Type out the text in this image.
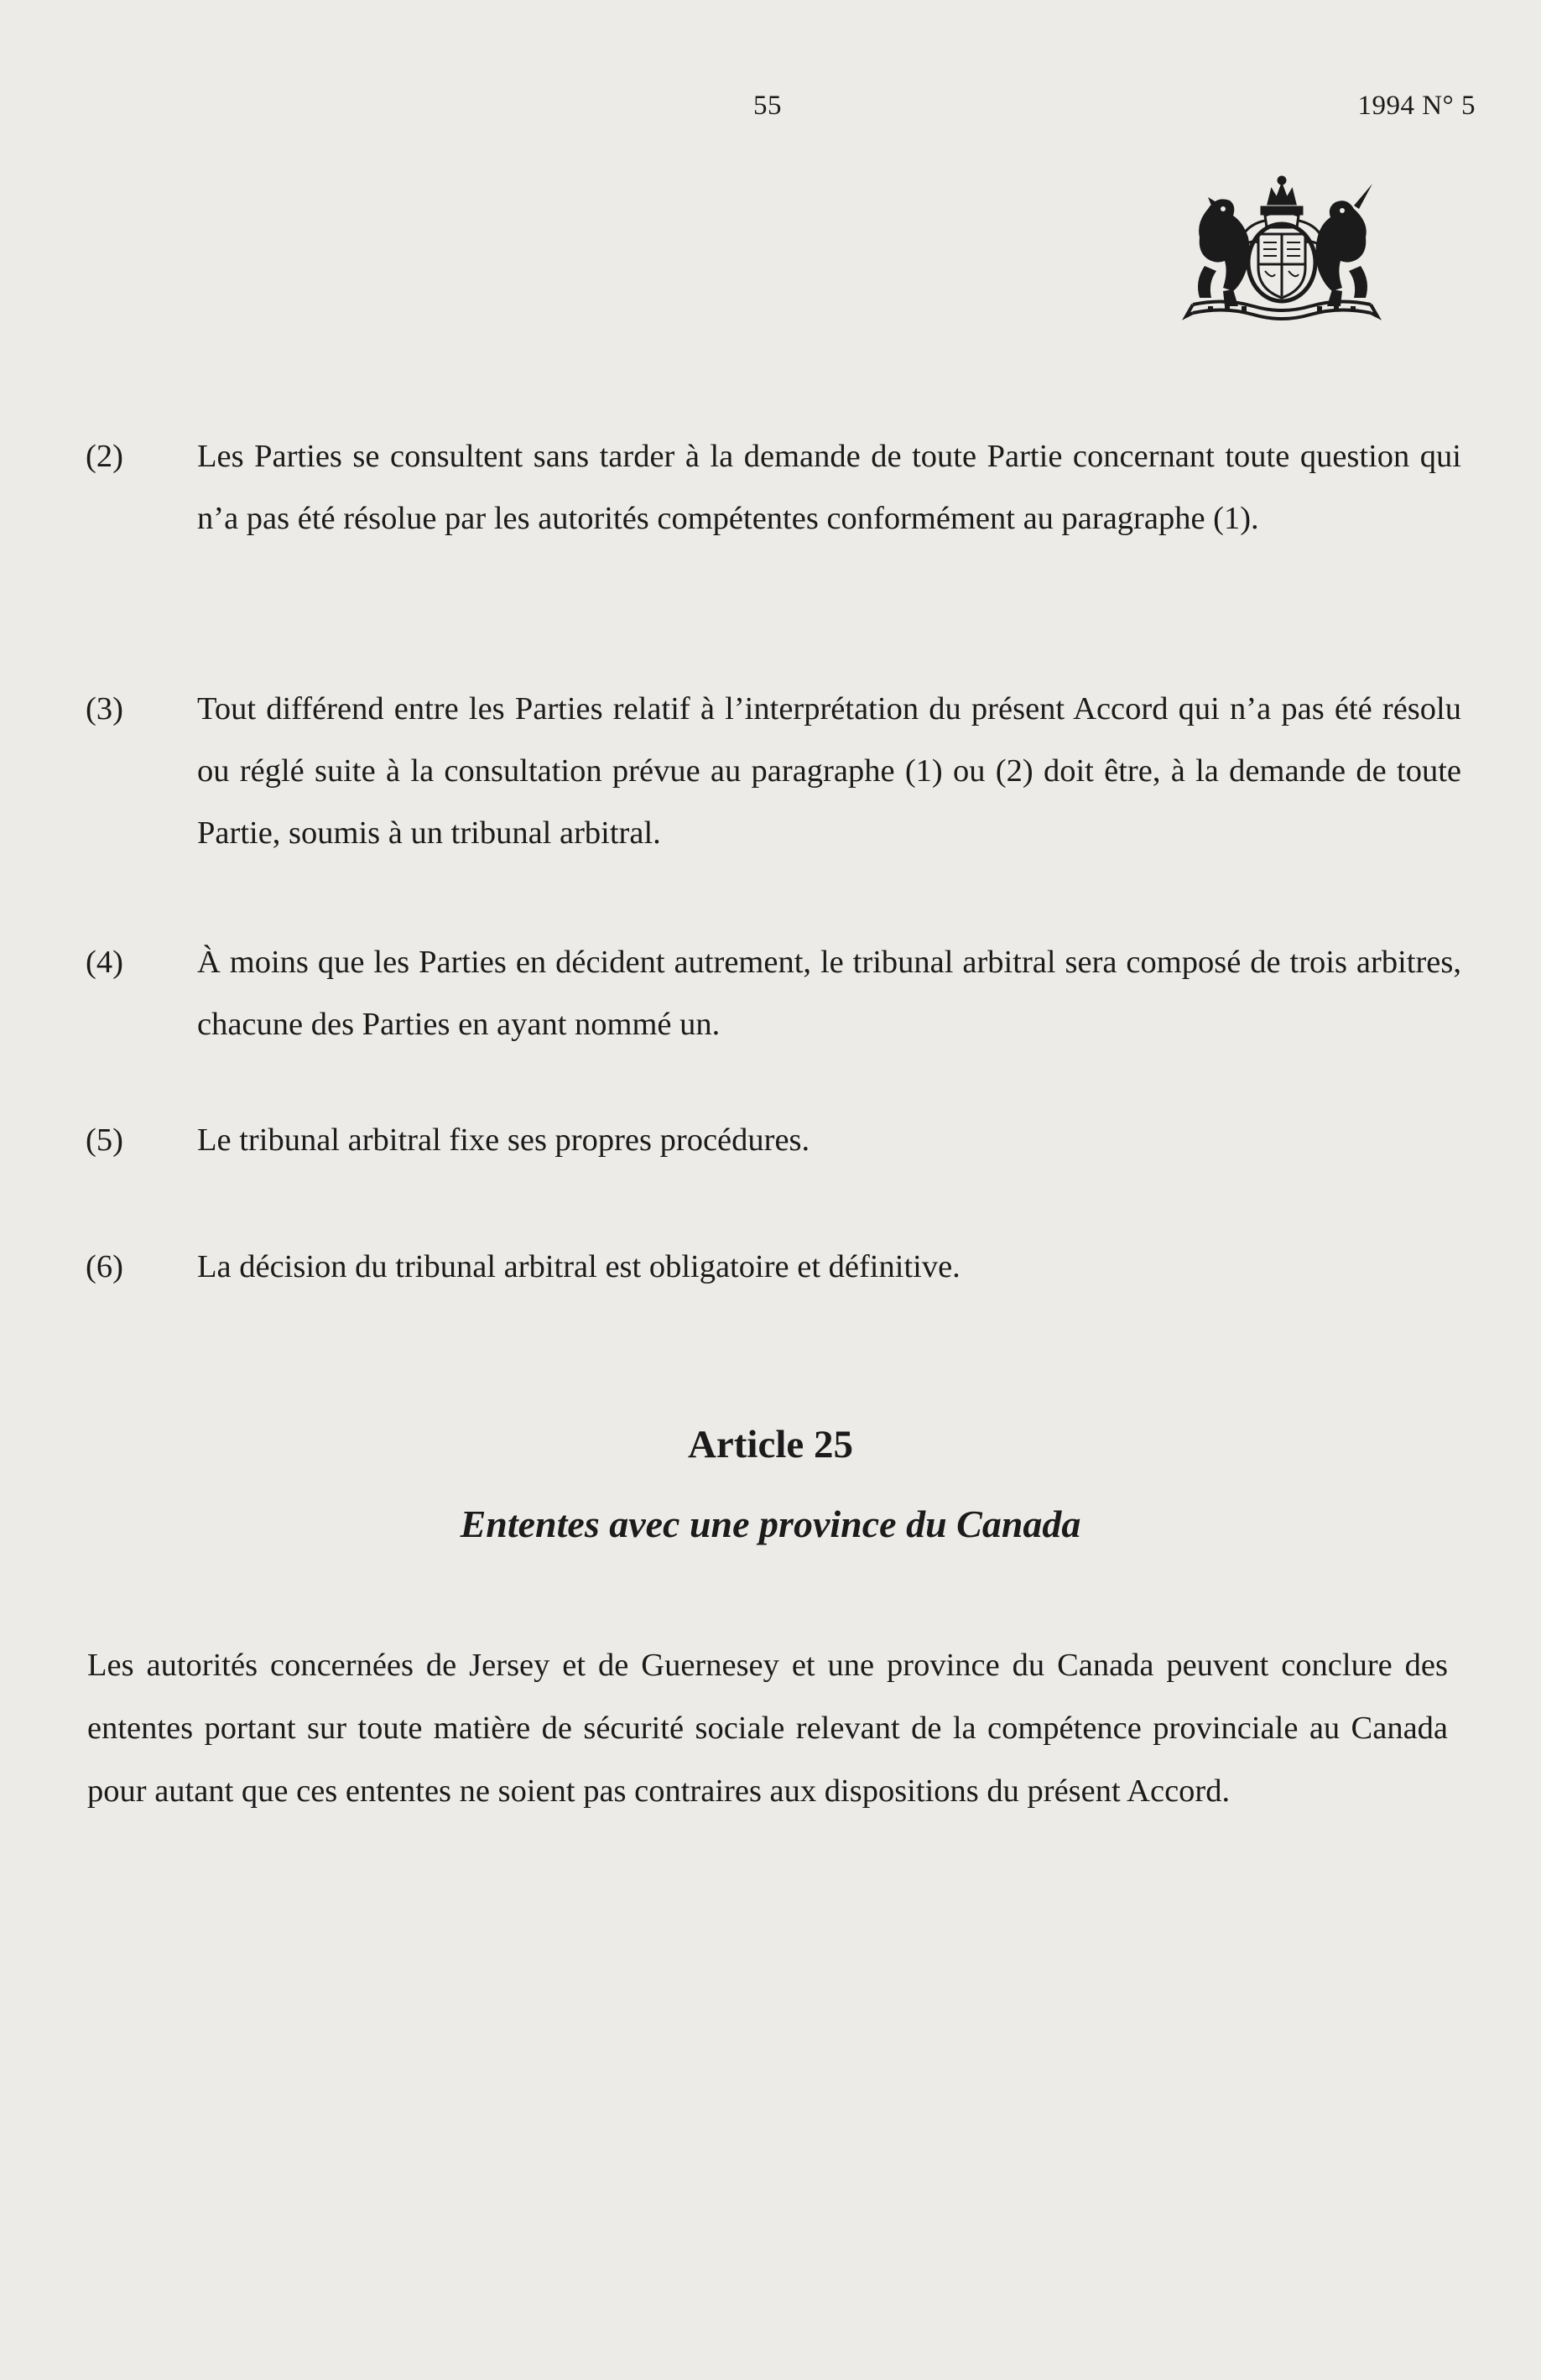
55	1994 N° 5
(2)	Les Parties se consultent sans tarder à la demande de toute Partie concernant toute question qui n’a pas été résolue par les autorités compétentes conformément au paragraphe (1).
(3)	Tout différend entre les Parties relatif à l’interprétation du présent Accord qui n’a pas été résolu ou réglé suite à la consultation prévue au paragraphe (1) ou (2) doit être, à la demande de toute Partie, soumis à un tribunal arbitral.
(4)	À moins que les Parties en décident autrement, le tribunal arbitral sera composé de trois arbitres, chacune des Parties en ayant nommé un.
(5)	Le tribunal arbitral fixe ses propres procédures.
(6)	La décision du tribunal arbitral est obligatoire et définitive.
Article 25
Ententes avec une province du Canada
Les autorités concernées de Jersey et de Guernesey et une province du Canada peuvent conclure des ententes portant sur toute matière de sécurité sociale relevant de la compétence provinciale au Canada pour autant que ces ententes ne soient pas contraires aux dispositions du présent Accord.
